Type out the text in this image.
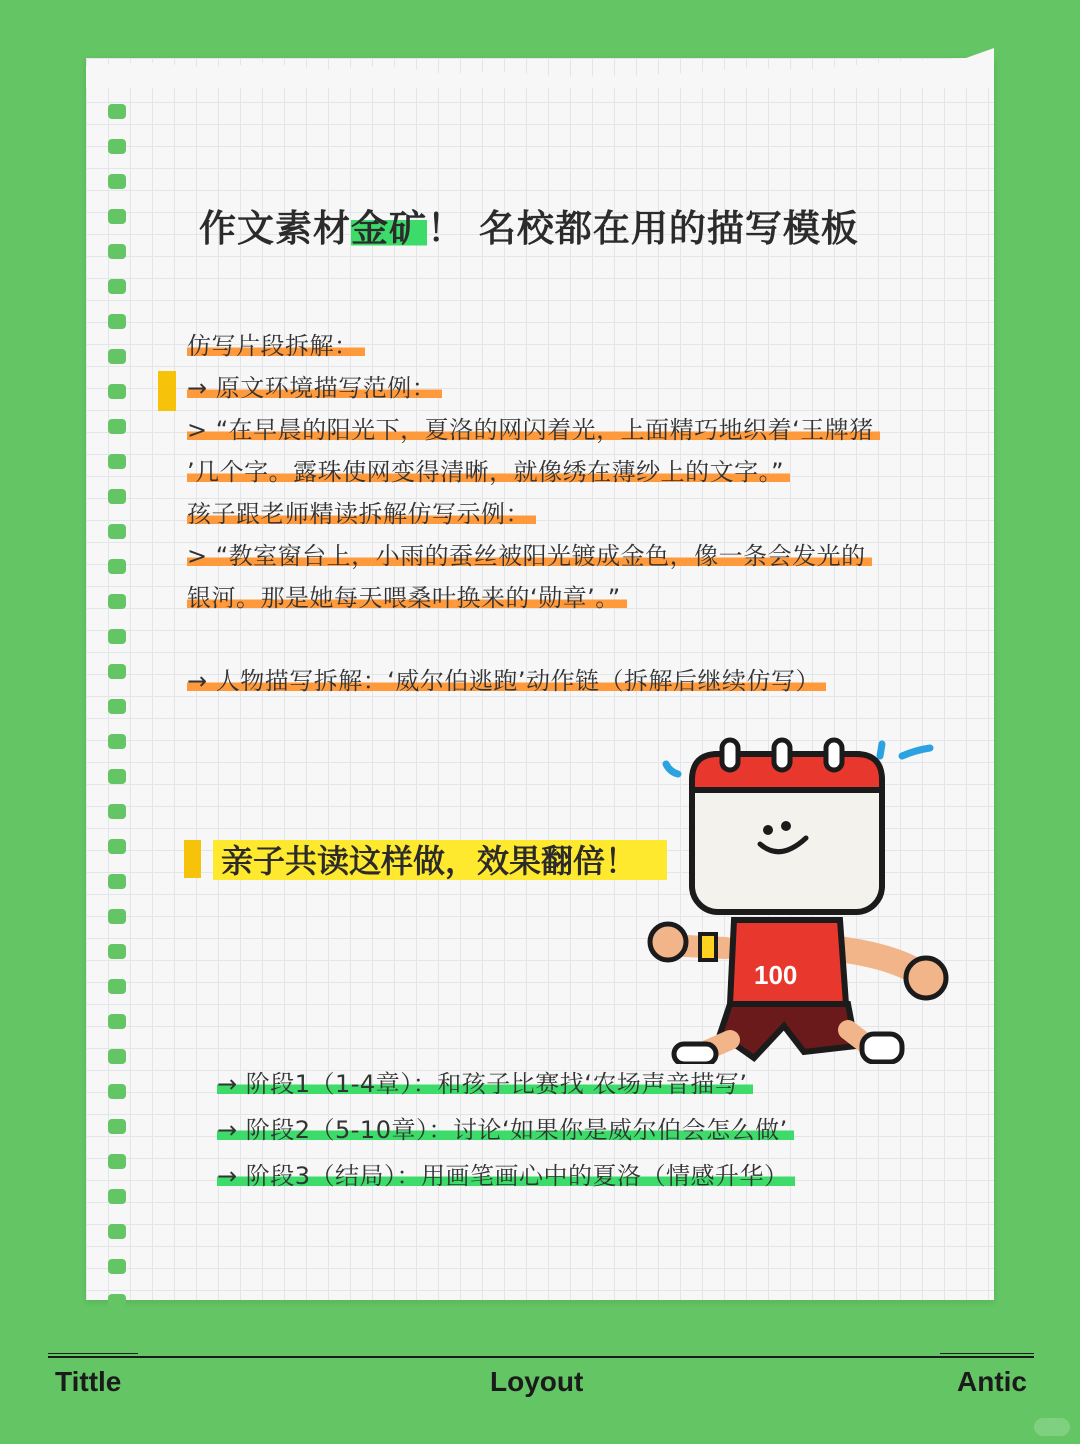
作文素材金矿！ 名校都在用的描写模板
仿写片段拆解：
→ 原文环境描写范例：
> “在早晨的阳光下，夏洛的网闪着光，上面精巧地织着‘王牌猪
’几个字。露珠使网变得清晰，就像绣在薄纱上的文字。”
孩子跟老师精读拆解仿写示例：
> “教室窗台上，小雨的蚕丝被阳光镀成金色，像一条会发光的
银河。那是她每天喂桑叶换来的‘勋章’。”
→ 人物描写拆解：‘威尔伯逃跑’动作链（拆解后继续仿写）
亲子共读这样做，效果翻倍！
100
→ 阶段1（1-4章）：和孩子比赛找‘农场声音描写’
→ 阶段2（5-10章）：讨论‘如果你是威尔伯会怎么做’
→ 阶段3（结局）：用画笔画心中的夏洛（情感升华）
Tittle	Loyout	Antic
